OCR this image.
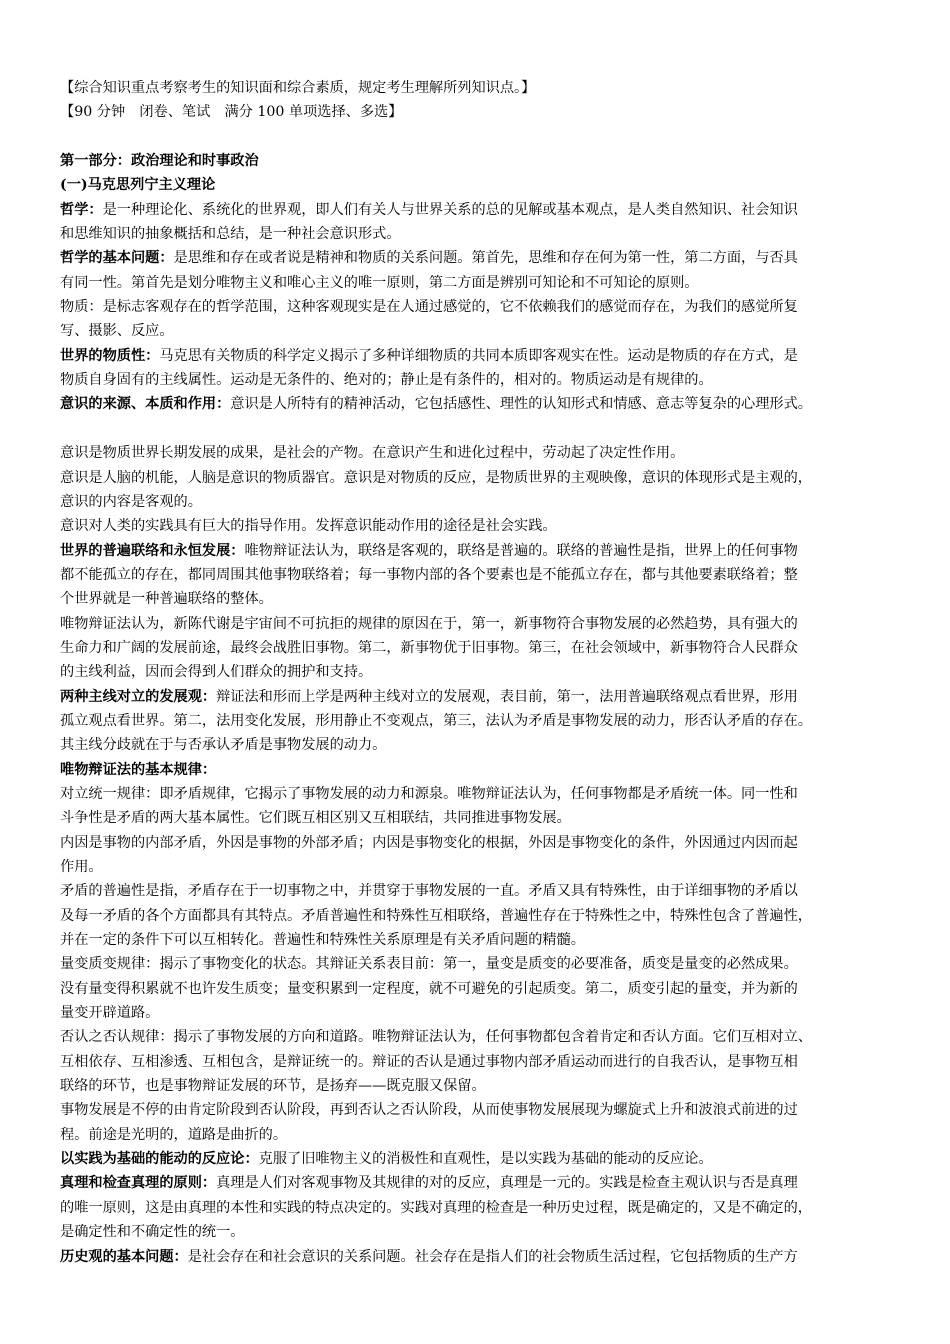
【综合知识重点考察考生的知识面和综合素质，规定考生理解所列知识点。】
【90 分钟　闭卷、笔试　满分 100 单项选择、多选】
第一部分：政治理论和时事政治
(一)马克思列宁主义理论
哲学：是一种理论化、系统化的世界观，即人们有关人与世界关系的总的见解或基本观点，是人类自然知识、社会知识
和思维知识的抽象概括和总结，是一种社会意识形式。
哲学的基本问题：是思维和存在或者说是精神和物质的关系问题。第首先，思维和存在何为第一性，第二方面，与否具
有同一性。第首先是划分唯物主义和唯心主义的唯一原则，第二方面是辨别可知论和不可知论的原则。
物质：是标志客观存在的哲学范围，这种客观现实是在人通过感觉的，它不依赖我们的感觉而存在，为我们的感觉所复
写、摄影、反应。
世界的物质性：马克思有关物质的科学定义揭示了多种详细物质的共同本质即客观实在性。运动是物质的存在方式，是
物质自身固有的主线属性。运动是无条件的、绝对的；静止是有条件的，相对的。物质运动是有规律的。
意识的来源、本质和作用：意识是人所特有的精神活动，它包括感性、理性的认知形式和情感、意志等复杂的心理形式。
意识是物质世界长期发展的成果，是社会的产物。在意识产生和进化过程中，劳动起了决定性作用。
意识是人脑的机能，人脑是意识的物质器官。意识是对物质的反应，是物质世界的主观映像，意识的体现形式是主观的，
意识的内容是客观的。
意识对人类的实践具有巨大的指导作用。发挥意识能动作用的途径是社会实践。
世界的普遍联络和永恒发展：唯物辩证法认为，联络是客观的，联络是普遍的。联络的普遍性是指，世界上的任何事物
都不能孤立的存在，都同周围其他事物联络着；每一事物内部的各个要素也是不能孤立存在，都与其他要素联络着；整
个世界就是一种普遍联络的整体。
唯物辩证法认为，新陈代谢是宇宙间不可抗拒的规律的原因在于，第一，新事物符合事物发展的必然趋势，具有强大的
生命力和广阔的发展前途，最终会战胜旧事物。第二，新事物优于旧事物。第三，在社会领域中，新事物符合人民群众
的主线利益，因而会得到人们群众的拥护和支持。
两种主线对立的发展观：辩证法和形而上学是两种主线对立的发展观，表目前，第一，法用普遍联络观点看世界，形用
孤立观点看世界。第二，法用变化发展，形用静止不变观点，第三，法认为矛盾是事物发展的动力，形否认矛盾的存在。
其主线分歧就在于与否承认矛盾是事物发展的动力。
唯物辩证法的基本规律：
对立统一规律：即矛盾规律，它揭示了事物发展的动力和源泉。唯物辩证法认为，任何事物都是矛盾统一体。同一性和
斗争性是矛盾的两大基本属性。它们既互相区别又互相联结，共同推进事物发展。
内因是事物的内部矛盾，外因是事物的外部矛盾；内因是事物变化的根据，外因是事物变化的条件，外因通过内因而起
作用。
矛盾的普遍性是指，矛盾存在于一切事物之中，并贯穿于事物发展的一直。矛盾又具有特殊性，由于详细事物的矛盾以
及每一矛盾的各个方面都具有其特点。矛盾普遍性和特殊性互相联络，普遍性存在于特殊性之中，特殊性包含了普遍性，
并在一定的条件下可以互相转化。普遍性和特殊性关系原理是有关矛盾问题的精髓。
量变质变规律：揭示了事物变化的状态。其辩证关系表目前：第一，量变是质变的必要准备，质变是量变的必然成果。
没有量变得积累就不也许发生质变；量变积累到一定程度，就不可避免的引起质变。第二，质变引起的量变，并为新的
量变开辟道路。
否认之否认规律：揭示了事物发展的方向和道路。唯物辩证法认为，任何事物都包含着肯定和否认方面。它们互相对立、
互相依存、互相渗透、互相包含，是辩证统一的。辩证的否认是通过事物内部矛盾运动而进行的自我否认，是事物互相
联络的环节，也是事物辩证发展的环节，是扬弃——既克服又保留。
事物发展是不停的由肯定阶段到否认阶段，再到否认之否认阶段，从而使事物发展展现为螺旋式上升和波浪式前进的过
程。前途是光明的，道路是曲折的。
以实践为基础的能动的反应论：克服了旧唯物主义的消极性和直观性，是以实践为基础的能动的反应论。
真理和检查真理的原则：真理是人们对客观事物及其规律的对的反应，真理是一元的。实践是检查主观认识与否是真理
的唯一原则，这是由真理的本性和实践的特点决定的。实践对真理的检查是一种历史过程，既是确定的，又是不确定的，
是确定性和不确定性的统一。
历史观的基本问题：是社会存在和社会意识的关系问题。社会存在是指人们的社会物质生活过程，它包括物质的生产方
